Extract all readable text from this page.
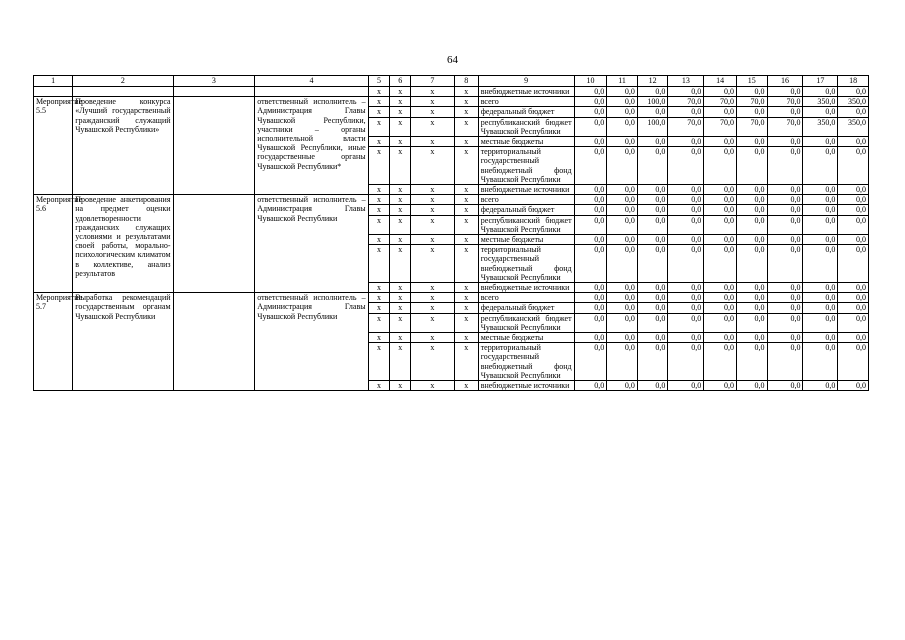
64
1	2	3	4	5	6	7	8	9	10	11	12	13	14	15	16	17	18
				x	x	x	x	внебюджетные источники	0,0	0,0	0,0	0,0	0,0	0,0	0,0	0,0	0,0
Мероприятие 5.5	Проведение конкурса «Лучший государственный гражданский служащий Чувашской Республики»		ответственный исполнитель – Администрация Главы Чувашской Республики, участники – органы исполнительной власти Чувашской Республики, иные государственные органы Чувашской Республики*	x	x	x	x	всего	0,0	0,0	100,0	70,0	70,0	70,0	70,0	350,0	350,0
				x	x	x	x	федеральный бюджет	0,0	0,0	0,0	0,0	0,0	0,0	0,0	0,0	0,0
				x	x	x	x	республиканский бюджет Чувашской Республики	0,0	0,0	100,0	70,0	70,0	70,0	70,0	350,0	350,0
				x	x	x	x	местные бюджеты	0,0	0,0	0,0	0,0	0,0	0,0	0,0	0,0	0,0
				x	x	x	x	территориальный государственный внебюджетный фонд Чувашской Республики	0,0	0,0	0,0	0,0	0,0	0,0	0,0	0,0	0,0
				x	x	x	x	внебюджетные источники	0,0	0,0	0,0	0,0	0,0	0,0	0,0	0,0	0,0
Мероприятие 5.6	Проведение анкетирования на предмет оценки удовлетворенности гражданских служащих условиями и результатами своей работы, морально-психологическим климатом в коллективе, анализ результатов		ответственный исполнитель – Администрация Главы Чувашской Республики	x	x	x	x	всего	0,0	0,0	0,0	0,0	0,0	0,0	0,0	0,0	0,0
				x	x	x	x	федеральный бюджет	0,0	0,0	0,0	0,0	0,0	0,0	0,0	0,0	0,0
				x	x	x	x	республиканский бюджет Чувашской Республики	0,0	0,0	0,0	0,0	0,0	0,0	0,0	0,0	0,0
				x	x	x	x	местные бюджеты	0,0	0,0	0,0	0,0	0,0	0,0	0,0	0,0	0,0
				x	x	x	x	территориальный государственный внебюджетный фонд Чувашской Республики	0,0	0,0	0,0	0,0	0,0	0,0	0,0	0,0	0,0
				x	x	x	x	внебюджетные источники	0,0	0,0	0,0	0,0	0,0	0,0	0,0	0,0	0,0
Мероприятие 5.7	Выработка рекомендаций государственным органам Чувашской Республики		ответственный исполнитель – Администрация Главы Чувашской Республики	x	x	x	x	всего	0,0	0,0	0,0	0,0	0,0	0,0	0,0	0,0	0,0
				x	x	x	x	федеральный бюджет	0,0	0,0	0,0	0,0	0,0	0,0	0,0	0,0	0,0
				x	x	x	x	республиканский бюджет Чувашской Республики	0,0	0,0	0,0	0,0	0,0	0,0	0,0	0,0	0,0
				x	x	x	x	местные бюджеты	0,0	0,0	0,0	0,0	0,0	0,0	0,0	0,0	0,0
				x	x	x	x	территориальный государственный внебюджетный фонд Чувашской Республики	0,0	0,0	0,0	0,0	0,0	0,0	0,0	0,0	0,0
				x	x	x	x	внебюджетные источники	0,0	0,0	0,0	0,0	0,0	0,0	0,0	0,0	0,0
